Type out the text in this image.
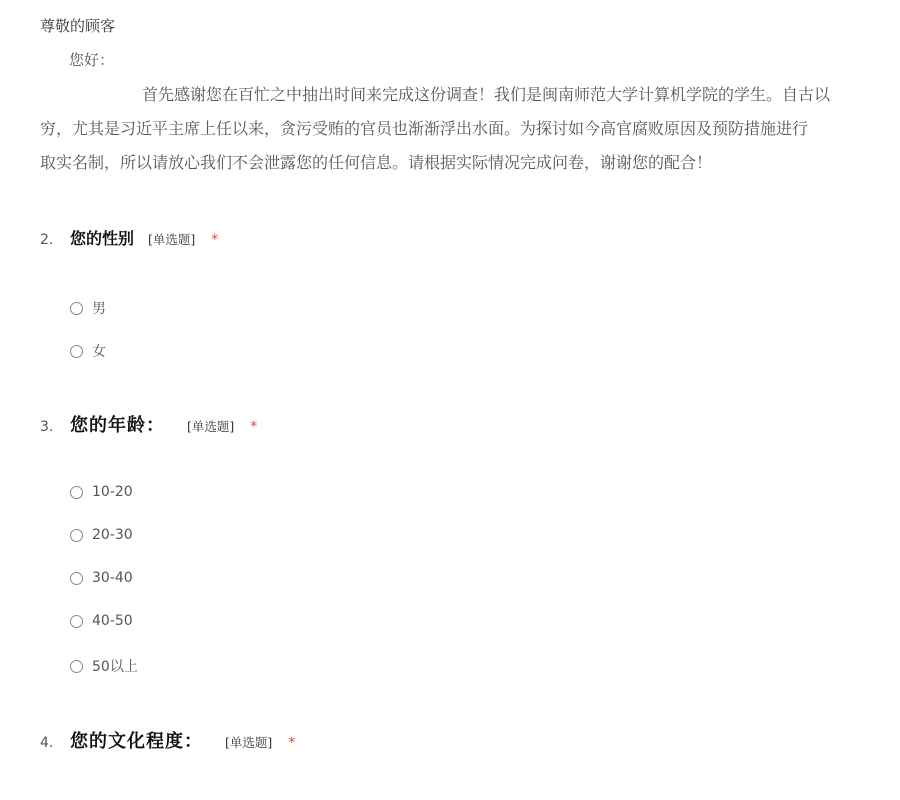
尊敬的顾客

您好：

首先感谢您在百忙之中抽出时间来完成这份调查！我们是闽南师范大学计算机学院的学生。自古以
穷，尤其是习近平主席上任以来，贪污受贿的官员也渐渐浮出水面。为探讨如今高官腐败原因及预防措施进行
取实名制，所以请放心我们不会泄露您的任何信息。请根据实际情况完成问卷，谢谢您的配合！
2.	您的性别 [单选题] *
男
女
3. 您的年龄： [单选题] *
10-20
20-30
30-40
40-50
50以上
4. 您的文化程度： [单选题] *
